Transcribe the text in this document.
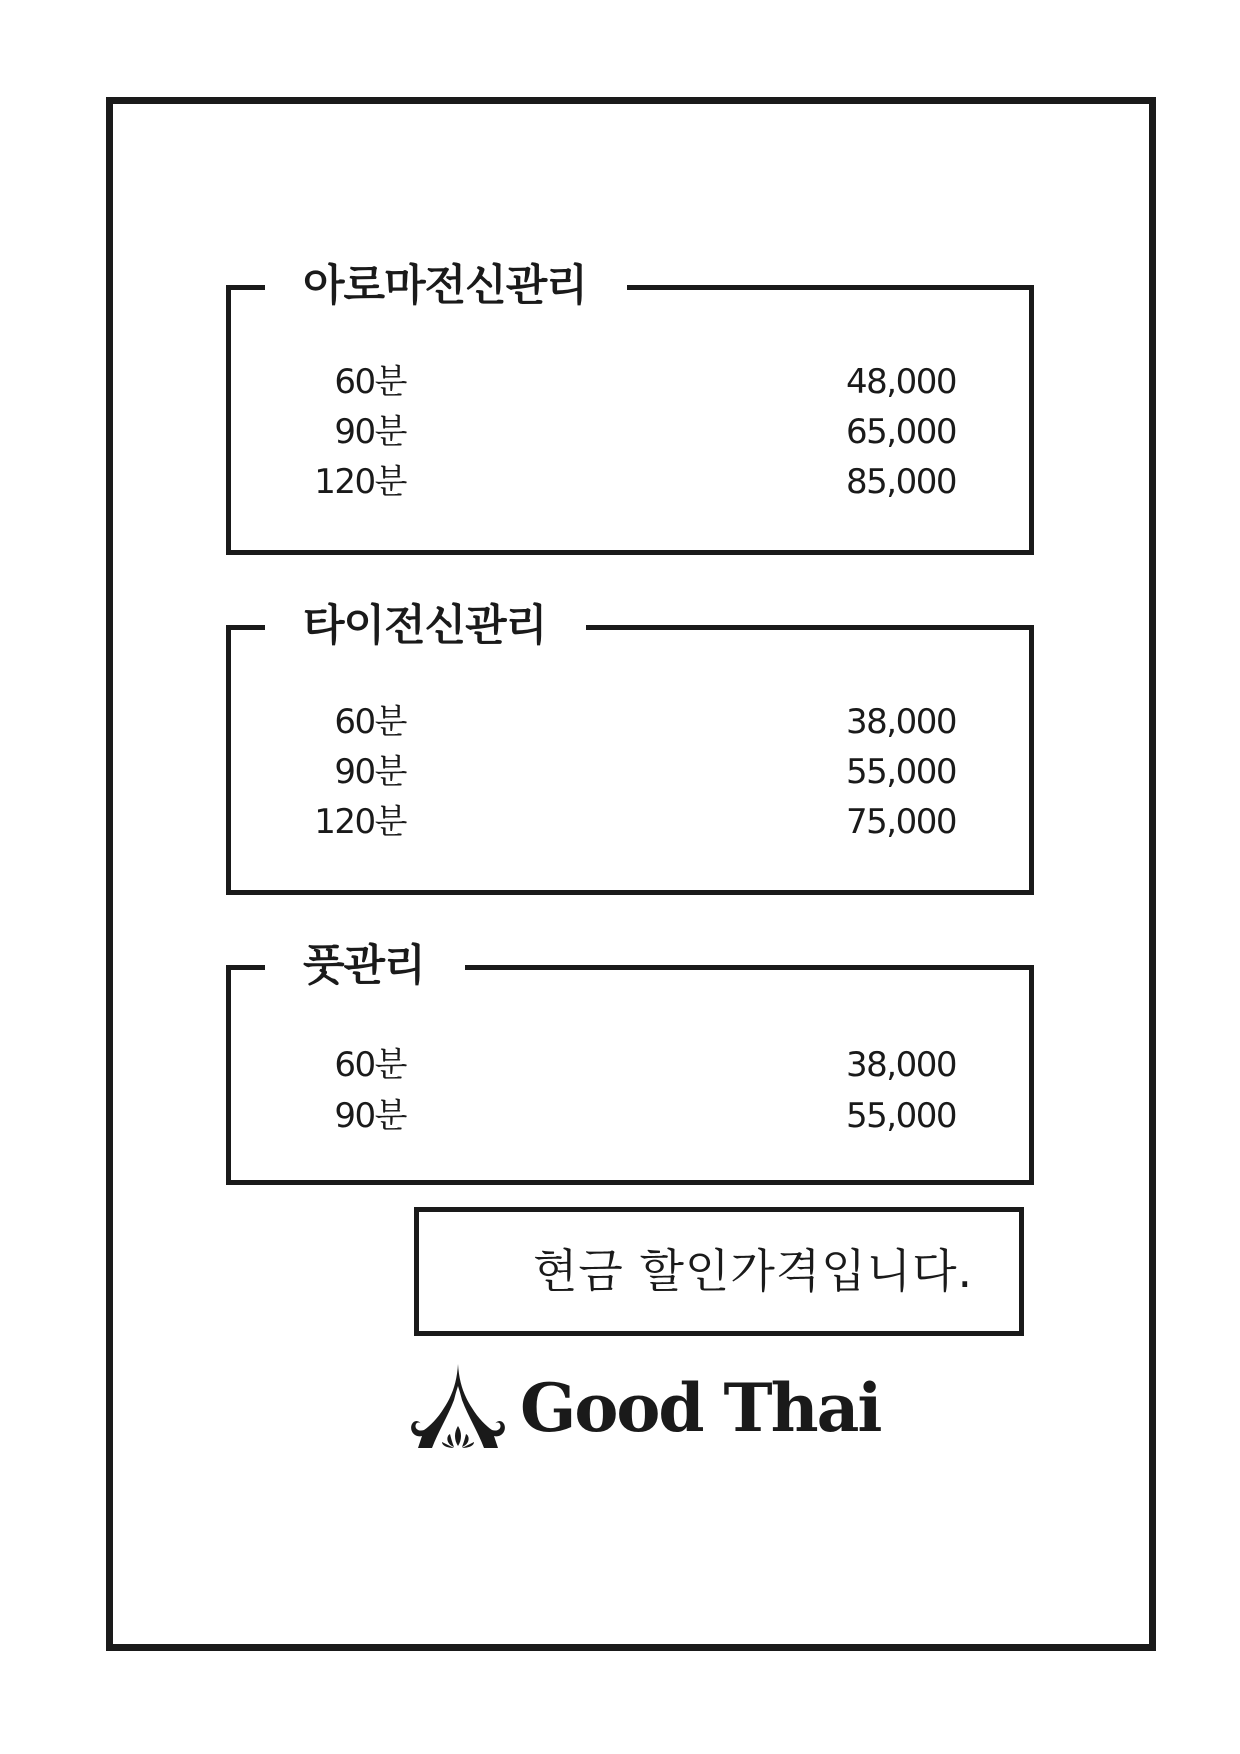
아로마전신관리
60분	48,000
90분	65,000
120분	85,000
타이전신관리
60분	38,000
90분	55,000
120분	75,000
풋관리
60분	38,000
90분	55,000
현금 할인가격입니다.
Good Thai
